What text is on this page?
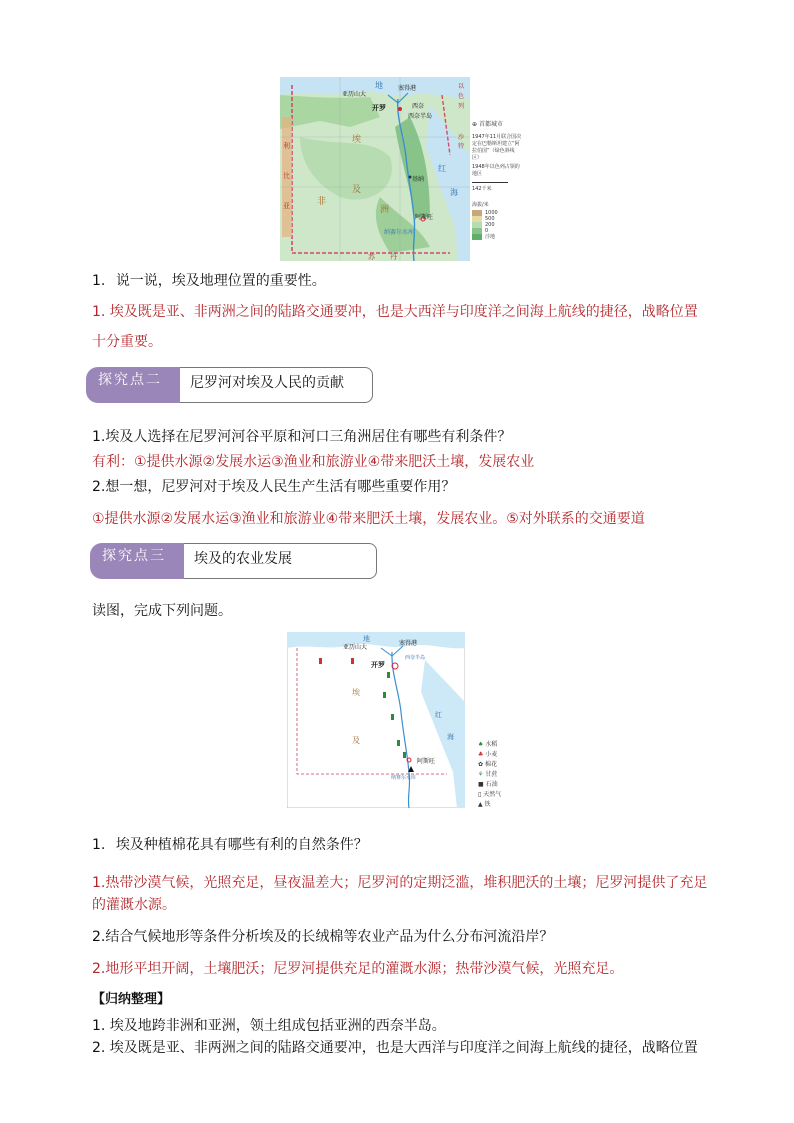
地
亚历山大
塞得港
开罗	西奈
西奈半岛
埃
及
非
洲
红
海
阿斯旺
基纳
纳赛尔水库
苏 丹
利
比
亚
沙
特
以
色
列
⊕ 首都城市
1947年11月联合国决定在巴勒斯坦建立“阿拉伯国”（绿色斜线区）
1948年以色列占领的地区
142千米
海拔/米
1000
500
200
0
洼地
1. 说一说，埃及地理位置的重要性。
1. 埃及既是亚、非两洲之间的陆路交通要冲，也是大西洋与印度洋之间海上航线的捷径，战略位置
十分重要。
探究点二 尼罗河对埃及人民的贡献
1.埃及人选择在尼罗河河谷平原和河口三角洲居住有哪些有利条件？
有利：①提供水源②发展水运③渔业和旅游业④带来肥沃土壤，发展农业
2.想一想，尼罗河对于埃及人民生产生活有哪些重要作用？
①提供水源②发展水运③渔业和旅游业④带来肥沃土壤，发展农业。⑤对外联系的交通要道
探究点三 埃及的农业发展
读图，完成下列问题。
地
亚历山大
塞得港
开罗
西奈半岛
埃
及
红
海
阿斯旺
纳赛尔水库
♠ 水稻
♣ 小麦
✿ 棉花
⚘ 甘蔗
■ 石油
▯ 天然气
▲ 铁
1. 埃及种植棉花具有哪些有利的自然条件？
1.热带沙漠气候，光照充足，昼夜温差大；尼罗河的定期泛滥，堆积肥沃的土壤；尼罗河提供了充足
的灌溉水源。
2.结合气候地形等条件分析埃及的长绒棉等农业产品为什么分布河流沿岸？
2.地形平坦开阔，土壤肥沃；尼罗河提供充足的灌溉水源；热带沙漠气候，光照充足。
【归纳整理】
1. 埃及地跨非洲和亚洲，领土组成包括亚洲的西奈半岛。
2. 埃及既是亚、非两洲之间的陆路交通要冲，也是大西洋与印度洋之间海上航线的捷径，战略位置
